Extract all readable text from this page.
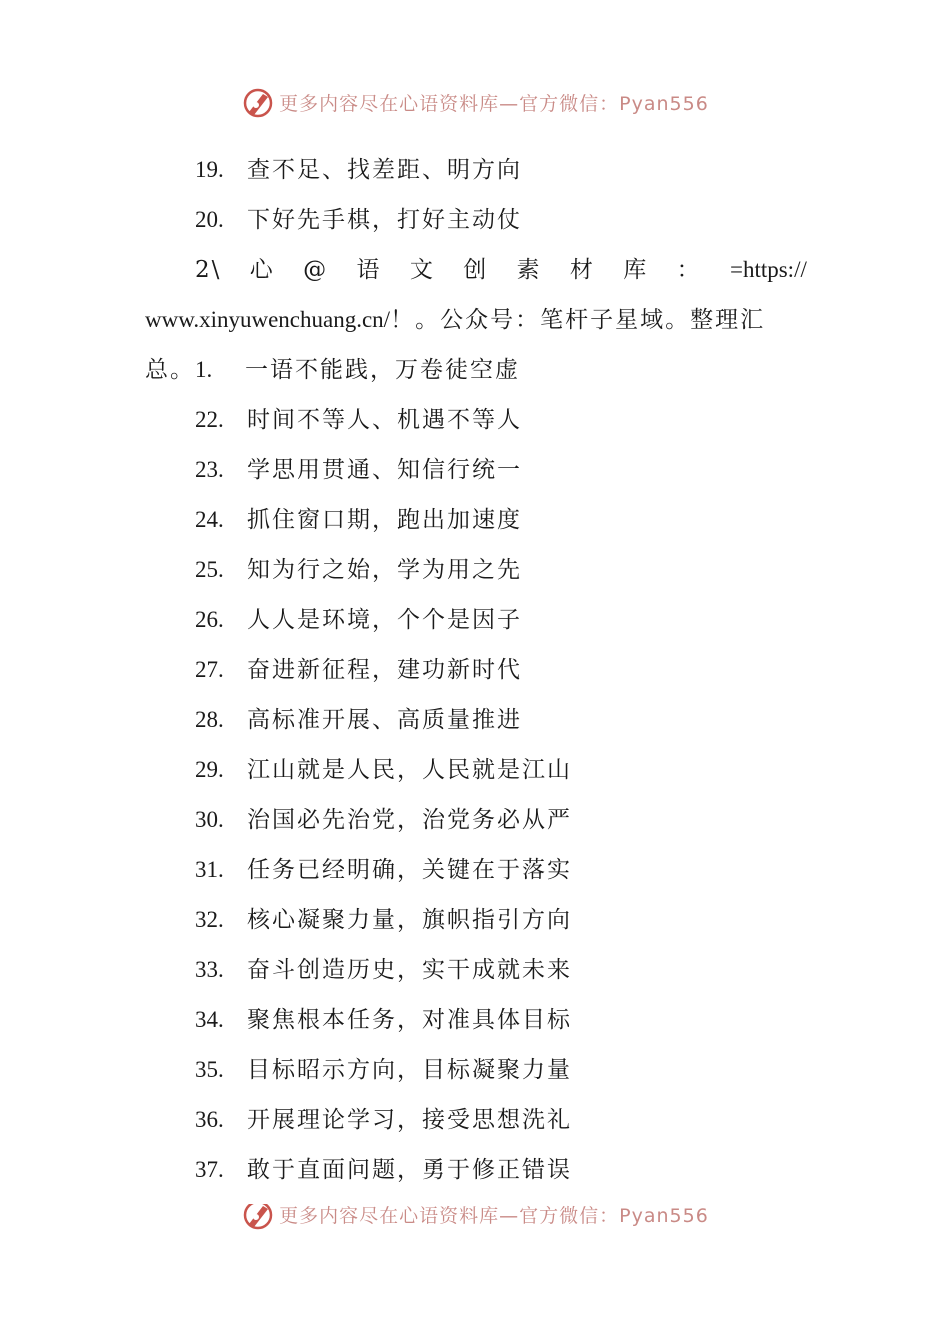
更多内容尽在心语资料库— 官方微信：Pyan556
19. 查不足、找差距、明方向
20. 下好先手棋，打好主动仗
2\ 心 @ 语 文 创 素 材 库 ： =https://
www.xinyuwenchuang.cn/！。公众号：笔杆子星域。整理汇
总。1. 一语不能践，万卷徒空虚
22. 时间不等人、机遇不等人
23. 学思用贯通、知信行统一
24. 抓住窗口期，跑出加速度
25. 知为行之始，学为用之先
26. 人人是环境，个个是因子
27. 奋进新征程，建功新时代
28. 高标准开展、高质量推进
29. 江山就是人民，人民就是江山
30. 治国必先治党，治党务必从严
31. 任务已经明确，关键在于落实
32. 核心凝聚力量，旗帜指引方向
33. 奋斗创造历史，实干成就未来
34. 聚焦根本任务，对准具体目标
35. 目标昭示方向，目标凝聚力量
36. 开展理论学习，接受思想洗礼
37. 敢于直面问题，勇于修正错误
更多内容尽在心语资料库— 官方微信：Pyan556
